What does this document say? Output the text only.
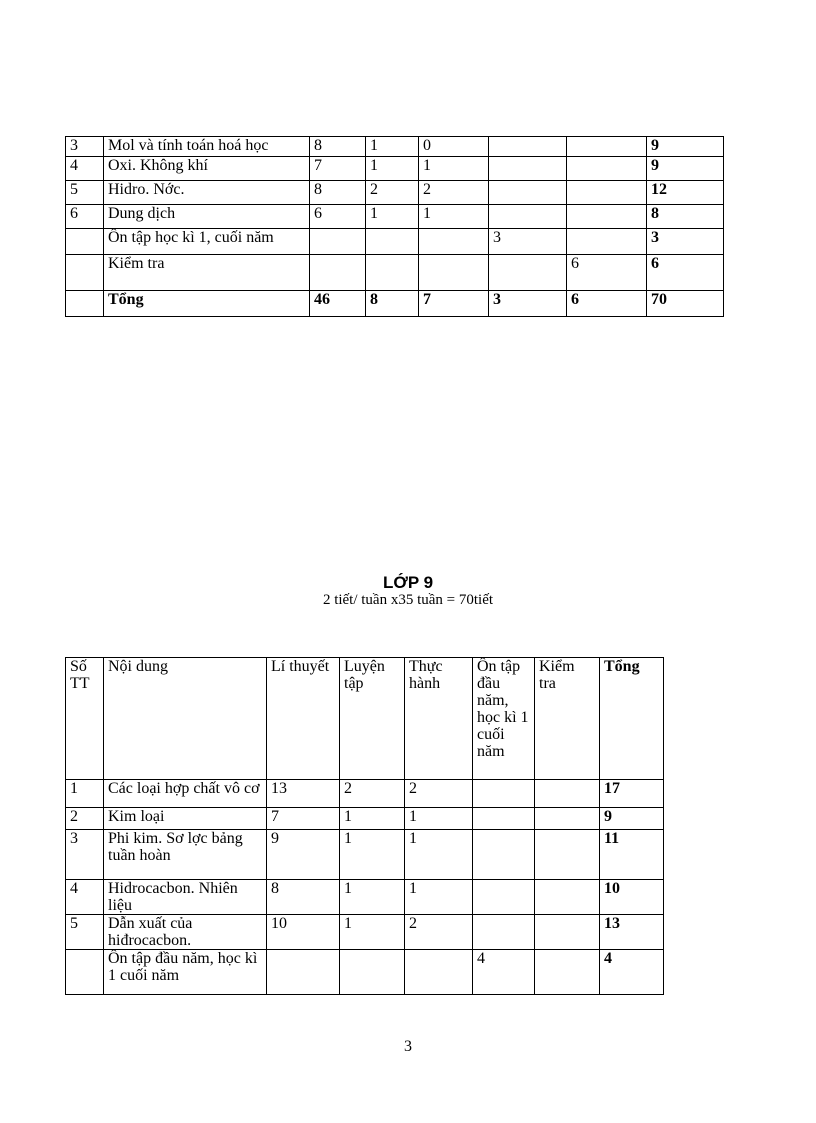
3	Mol và tính toán hoá học	8	1	0			9
4	Oxi. Không khí	7	1	1			9
5	Hidro. Nớc.	8	2	2			12
6	Dung dịch	6	1	1			8
	Ôn tập học kì 1, cuối năm				3		3
	Kiểm tra					6	6
	Tổng	46	8	7	3	6	70
LỚP 9
2 tiết/ tuần x35 tuần = 70tiết
Số TT	Nội dung	Lí thuyết	Luyện tập	Thực hành	Ôn tập đầu năm, học kì 1 cuối năm	Kiểm tra	Tổng
1	Các loại hợp chất vô cơ	13	2	2			17
2	Kim loại	7	1	1			9
3	Phi kim. Sơ lợc bảng tuần hoàn	9	1	1			11
4	Hidrocacbon. Nhiên liệu	8	1	1			10
5	Dẫn xuất của hiđrocacbon.	10	1	2			13
	Ôn tập đầu năm, học kì 1 cuối năm				4		4
3
